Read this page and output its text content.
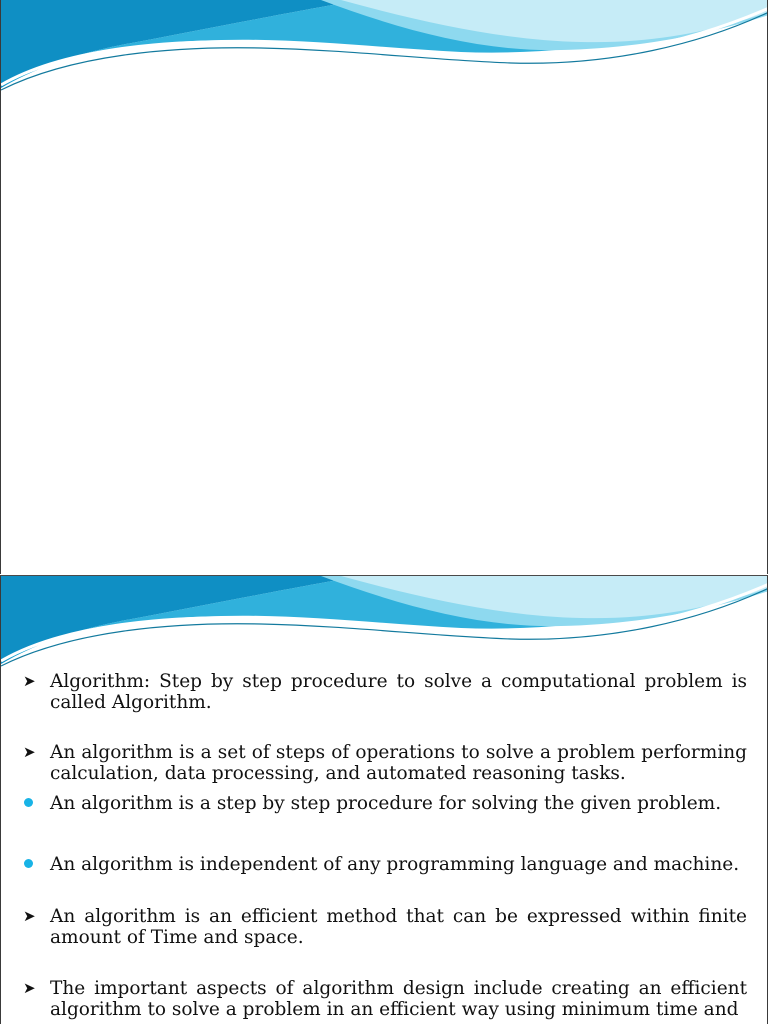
➤ Algorithm: Step by step procedure to solve a computational problem is called Algorithm.
➤ An algorithm is a set of steps of operations to solve a problem performing calculation, data processing, and automated reasoning tasks.
An algorithm is a step by step procedure for solving the given problem.
An algorithm is independent of any programming language and machine.
➤ An algorithm is an efficient method that can be expressed within finite amount of Time and space.
➤ The important aspects of algorithm design include creating an efficient algorithm to solve a problem in an efficient way using minimum time and
